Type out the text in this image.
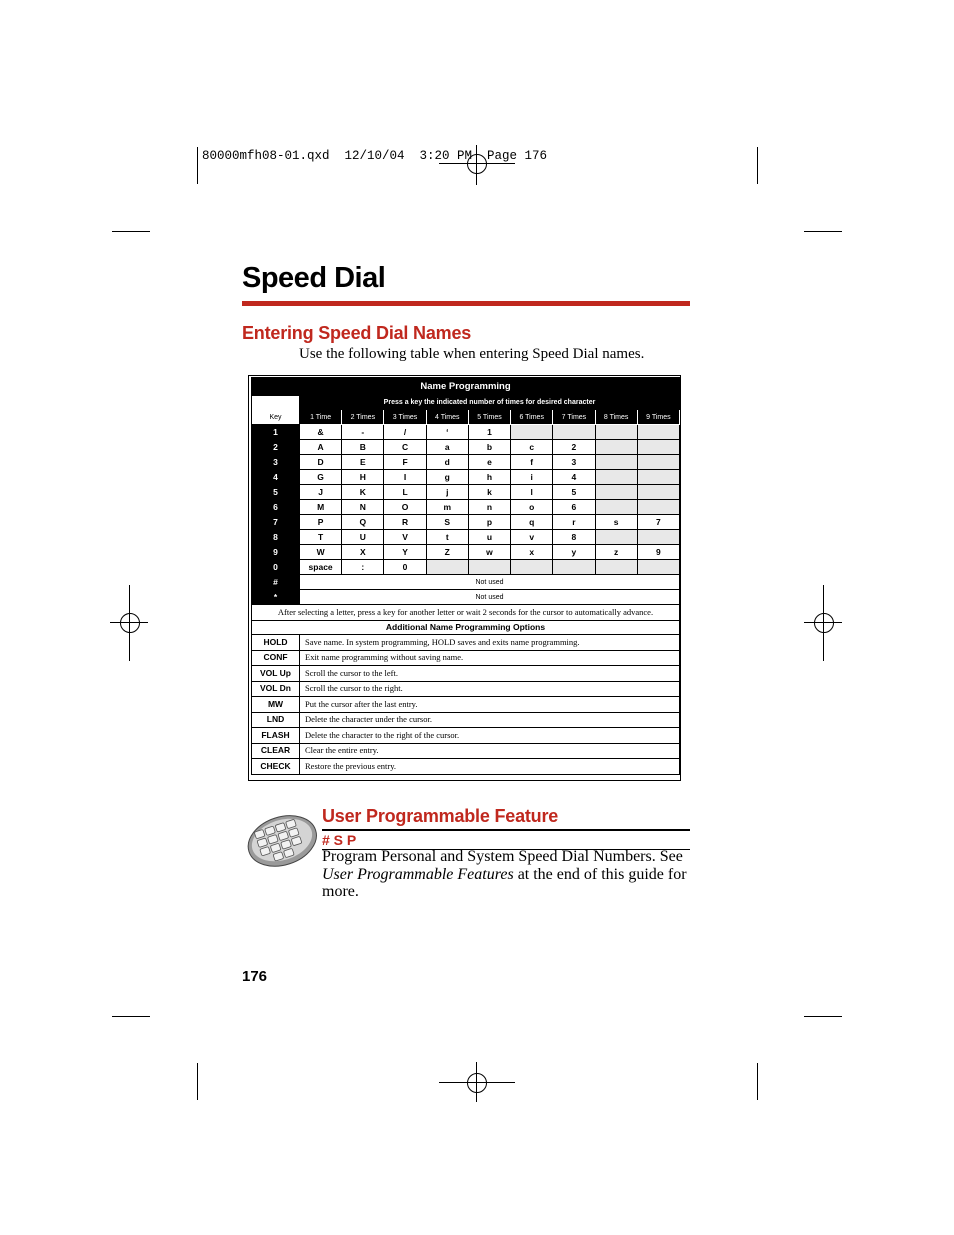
80000mfh08-01.qxd  12/10/04  3:20 PM  Page 176
Speed Dial
Entering Speed Dial Names
Use the following table when entering Speed Dial names.
Name Programming									
Key	Press a key the indicated number of times for desired character								
	1 Time	2 Times	3 Times	4 Times	5 Times	6 Times	7 Times	8 Times	9 Times
1	&	-	/	‘	1				
2	A	B	C	a	b	c	2		
3	D	E	F	d	e	f	3		
4	G	H	I	g	h	i	4		
5	J	K	L	j	k	l	5		
6	M	N	O	m	n	o	6		
7	P	Q	R	S	p	q	r	s	7
8	T	U	V	t	u	v	8		
9	W	X	Y	Z	w	x	y	z	9
0	space	:	0						
#	Not used								
*	Not used								
After selecting a letter, press a key for another letter or wait 2 seconds for the cursor to automatically advance.									
Additional Name Programming Options									
HOLD	Save name. In system programming, HOLD saves and exits name programming.								
CONF	Exit name programming without saving name.								
VOL Up	Scroll the cursor to the left.								
VOL Dn	Scroll the cursor to the right.								
MW	Put the cursor after the last entry.								
LND	Delete the character under the cursor.								
FLASH	Delete the character to the right of the cursor.								
CLEAR	Clear the entire entry.								
CHECK	Restore the previous entry.								
User Programmable Feature
# S P
Program Personal and System Speed Dial Numbers. See User Programmable Features at the end of this guide for more.
176
